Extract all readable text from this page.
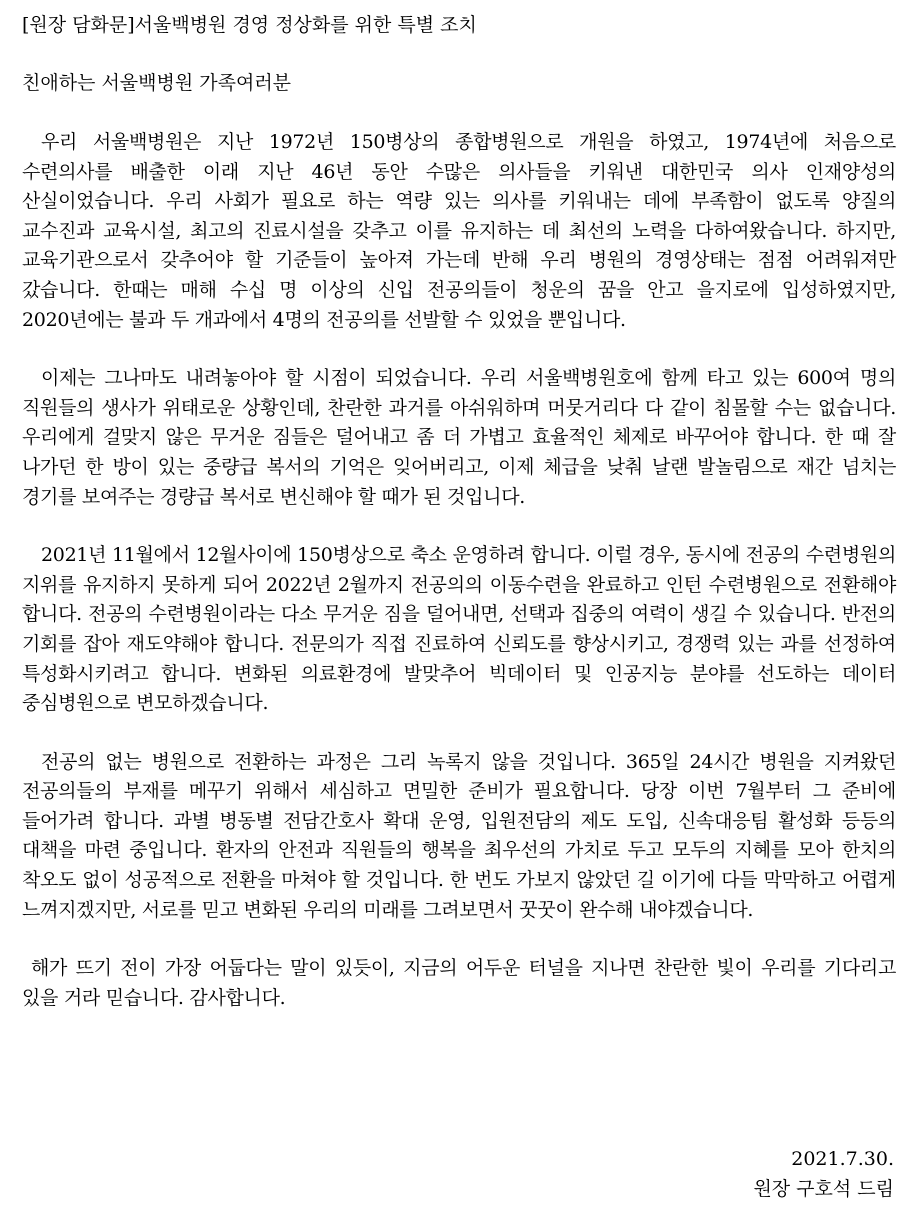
[원장 담화문]서울백병원 경영 정상화를 위한 특별 조치

친애하는 서울백병원 가족여러분

우리 서울백병원은 지난 1972년 150병상의 종합병원으로 개원을 하였고, 1974년에 처음으로 수련의사를 배출한 이래 지난 46년 동안 수많은 의사들을 키워낸 대한민국 의사 인재양성의 산실이었습니다. 우리 사회가 필요로 하는 역량 있는 의사를 키워내는 데에 부족함이 없도록 양질의 교수진과 교육시설, 최고의 진료시설을 갖추고 이를 유지하는 데 최선의 노력을 다하여왔습니다. 하지만, 교육기관으로서 갖추어야 할 기준들이 높아져 가는데 반해 우리 병원의 경영상태는 점점 어려워져만 갔습니다. 한때는 매해 수십 명 이상의 신입 전공의들이 청운의 꿈을 안고 을지로에 입성하였지만, 2020년에는 불과 두 개과에서 4명의 전공의를 선발할 수 있었을 뿐입니다.

이제는 그나마도 내려놓아야 할 시점이 되었습니다. 우리 서울백병원호에 함께 타고 있는 600여 명의 직원들의 생사가 위태로운 상황인데, 찬란한 과거를 아쉬워하며 머뭇거리다 다 같이 침몰할 수는 없습니다. 우리에게 걸맞지 않은 무거운 짐들은 덜어내고 좀 더 가볍고 효율적인 체제로 바꾸어야 합니다. 한 때 잘 나가던 한 방이 있는 중량급 복서의 기억은 잊어버리고, 이제 체급을 낮춰 날랜 발놀림으로 재간 넘치는 경기를 보여주는 경량급 복서로 변신해야 할 때가 된 것입니다.

2021년 11월에서 12월사이에 150병상으로 축소 운영하려 합니다. 이럴 경우, 동시에 전공의 수련병원의 지위를 유지하지 못하게 되어 2022년 2월까지 전공의의 이동수련을 완료하고 인턴 수련병원으로 전환해야 합니다. 전공의 수련병원이라는 다소 무거운 짐을 덜어내면, 선택과 집중의 여력이 생길 수 있습니다. 반전의 기회를 잡아 재도약해야 합니다. 전문의가 직접 진료하여 신뢰도를 향상시키고, 경쟁력 있는 과를 선정하여 특성화시키려고 합니다. 변화된 의료환경에 발맞추어 빅데이터 및 인공지능 분야를 선도하는 데이터 중심병원으로 변모하겠습니다.

전공의 없는 병원으로 전환하는 과정은 그리 녹록지 않을 것입니다. 365일 24시간 병원을 지켜왔던 전공의들의 부재를 메꾸기 위해서 세심하고 면밀한 준비가 필요합니다. 당장 이번 7월부터 그 준비에 들어가려 합니다. 과별 병동별 전담간호사 확대 운영, 입원전담의 제도 도입, 신속대응팀 활성화 등등의 대책을 마련 중입니다. 환자의 안전과 직원들의 행복을 최우선의 가치로 두고 모두의 지혜를 모아 한치의 착오도 없이 성공적으로 전환을 마쳐야 할 것입니다. 한 번도 가보지 않았던 길 이기에 다들 막막하고 어렵게 느껴지겠지만, 서로를 믿고 변화된 우리의 미래를 그려보면서 꿋꿋이 완수해 내야겠습니다.

해가 뜨기 전이 가장 어둡다는 말이 있듯이, 지금의 어두운 터널을 지나면 찬란한 빛이 우리를 기다리고 있을 거라 믿습니다. 감사합니다.

2021.7.30.
원장 구호석 드림
